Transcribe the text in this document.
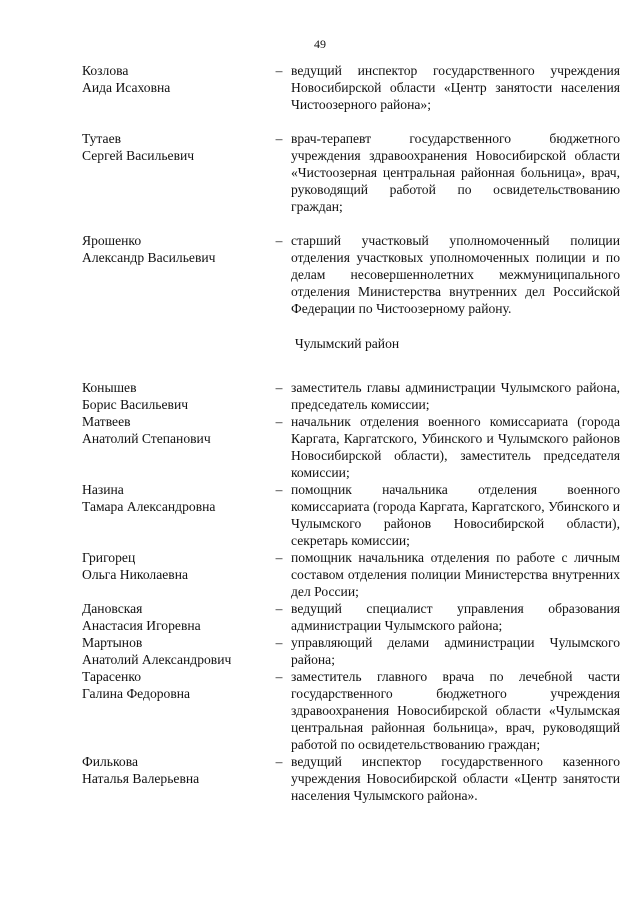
49
Козлова
Аида Исаховна
– ведущий инспектор государственного учреждения Новосибирской области «Центр занятости населения Чистоозерного района»;
Тутаев
Сергей Васильевич
– врач-терапевт государственного бюджетного учреждения здравоохранения Новосибирской области «Чистоозерная центральная районная больница», врач, руководящий работой по освидетельствованию граждан;
Ярошенко
Александр Васильевич
– старший участковый уполномоченный полиции отделения участковых уполномоченных полиции и по делам несовершеннолетних межмуниципального отделения Министерства внутренних дел Российской Федерации по Чистоозерному району.
Чулымский район
Конышев
Борис Васильевич
– заместитель главы администрации Чулымского района, председатель комиссии;
Матвеев
Анатолий Степанович
– начальник отделения военного комиссариата (города Каргата, Каргатского, Убинского и Чулымского районов Новосибирской области), заместитель председателя комиссии;
Назина
Тамара Александровна
– помощник начальника отделения военного комиссариата (города Каргата, Каргатского, Убинского и Чулымского районов Новосибирской области), секретарь комиссии;
Григорец
Ольга Николаевна
– помощник начальника отделения по работе с личным составом отделения полиции Министерства внутренних дел России;
Дановская
Анастасия Игоревна
– ведущий специалист управления образования администрации Чулымского района;
Мартынов
Анатолий Александрович
– управляющий делами администрации Чулымского района;
Тарасенко
Галина Федоровна
– заместитель главного врача по лечебной части государственного бюджетного учреждения здравоохранения Новосибирской области «Чулымская центральная районная больница», врач, руководящий работой по освидетельствованию граждан;
Филькова
Наталья Валерьевна
– ведущий инспектор государственного казенного учреждения Новосибирской области «Центр занятости населения Чулымского района».
